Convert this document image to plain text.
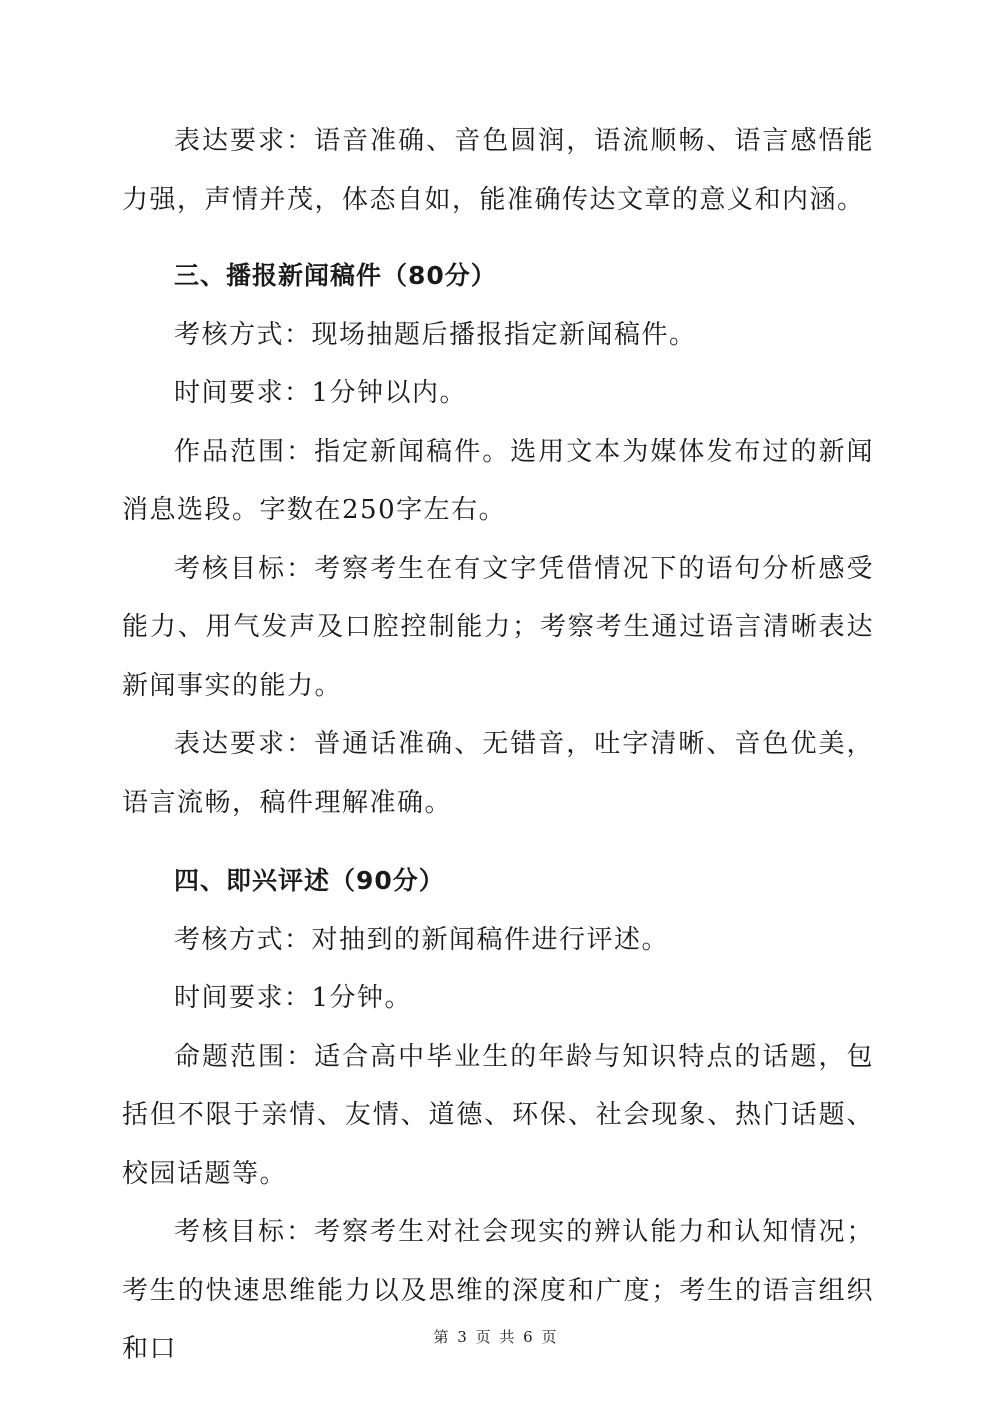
表达要求：语音准确、音色圆润，语流顺畅、语言感悟能力强，声情并茂，体态自如，能准确传达文章的意义和内涵。

三、播报新闻稿件（80分）

考核方式：现场抽题后播报指定新闻稿件。

时间要求：1分钟以内。

作品范围：指定新闻稿件。选用文本为媒体发布过的新闻消息选段。字数在250字左右。

考核目标：考察考生在有文字凭借情况下的语句分析感受能力、用气发声及口腔控制能力；考察考生通过语言清晰表达新闻事实的能力。

表达要求：普通话准确、无错音，吐字清晰、音色优美，语言流畅，稿件理解准确。

四、即兴评述（90分）

考核方式：对抽到的新闻稿件进行评述。

时间要求：1分钟。

命题范围：适合高中毕业生的年龄与知识特点的话题，包括但不限于亲情、友情、道德、环保、社会现象、热门话题、校园话题等。

考核目标：考察考生对社会现实的辨认能力和认知情况；考生的快速思维能力以及思维的深度和广度；考生的语言组织和口	第 3 页 共 6 页
